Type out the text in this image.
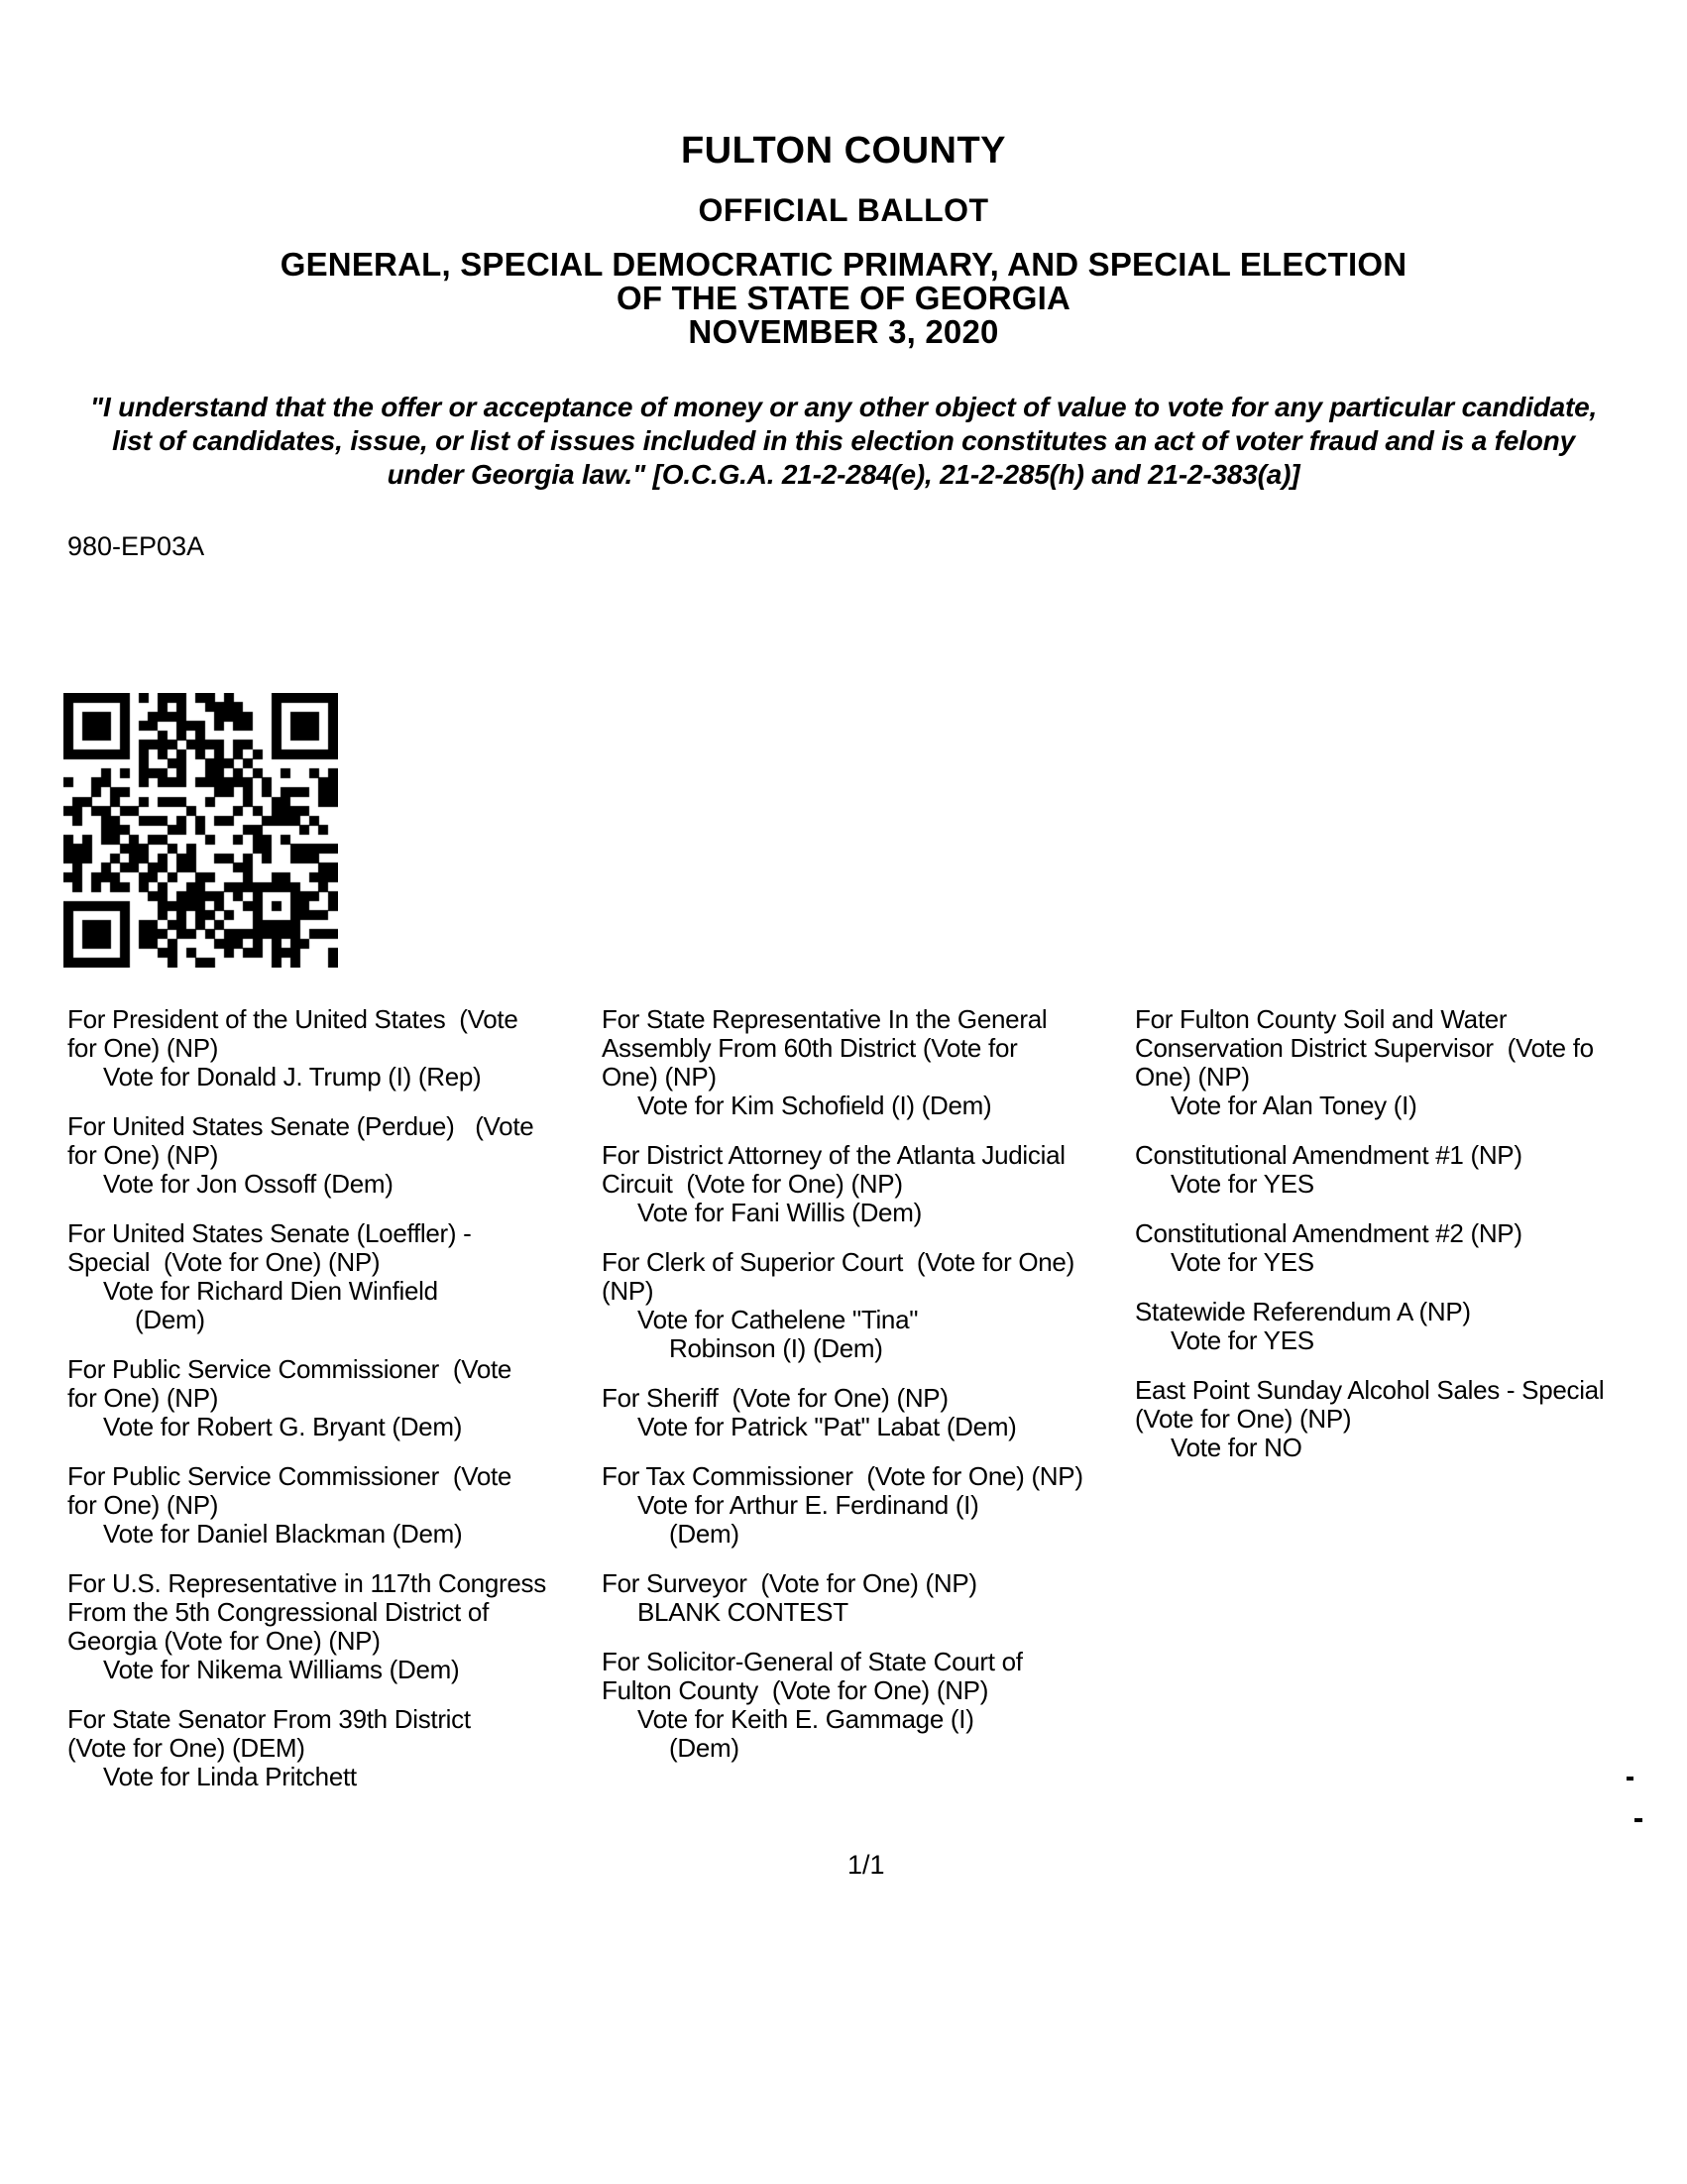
FULTON COUNTY
OFFICIAL BALLOT
GENERAL, SPECIAL DEMOCRATIC PRIMARY, AND SPECIAL ELECTION
OF THE STATE OF GEORGIA
NOVEMBER 3, 2020
"I understand that the offer or acceptance of money or any other object of value to vote for any particular candidate,
list of candidates, issue, or list of issues included in this election constitutes an act of voter fraud and is a felony
under Georgia law." [O.C.G.A. 21-2-284(e), 21-2-285(h) and 21-2-383(a)]
980-EP03A
For President of the United States  (Vote
for One) (NP)
Vote for Donald J. Trump (I) (Rep)
For United States Senate (Perdue)   (Vote
for One) (NP)
Vote for Jon Ossoff (Dem)
For United States Senate (Loeffler) -
Special  (Vote for One) (NP)
Vote for Richard Dien Winfield
(Dem)
For Public Service Commissioner  (Vote
for One) (NP)
Vote for Robert G. Bryant (Dem)
For Public Service Commissioner  (Vote
for One) (NP)
Vote for Daniel Blackman (Dem)
For U.S. Representative in 117th Congress
From the 5th Congressional District of
Georgia (Vote for One) (NP)
Vote for Nikema Williams (Dem)
For State Senator From 39th District
(Vote for One) (DEM)
Vote for Linda Pritchett
For State Representative In the General
Assembly From 60th District (Vote for
One) (NP)
Vote for Kim Schofield (I) (Dem)
For District Attorney of the Atlanta Judicial
Circuit  (Vote for One) (NP)
Vote for Fani Willis (Dem)
For Clerk of Superior Court  (Vote for One)
(NP)
Vote for Cathelene "Tina"
Robinson (I) (Dem)
For Sheriff  (Vote for One) (NP)
Vote for Patrick "Pat" Labat (Dem)
For Tax Commissioner  (Vote for One) (NP)
Vote for Arthur E. Ferdinand (I)
(Dem)
For Surveyor  (Vote for One) (NP)
BLANK CONTEST
For Solicitor-General of State Court of
Fulton County  (Vote for One) (NP)
Vote for Keith E. Gammage (I)
(Dem)
For Fulton County Soil and Water
Conservation District Supervisor  (Vote fo
One) (NP)
Vote for Alan Toney (I)
Constitutional Amendment #1 (NP)
Vote for YES
Constitutional Amendment #2 (NP)
Vote for YES
Statewide Referendum A (NP)
Vote for YES
East Point Sunday Alcohol Sales - Special
(Vote for One) (NP)
Vote for NO
1/1
